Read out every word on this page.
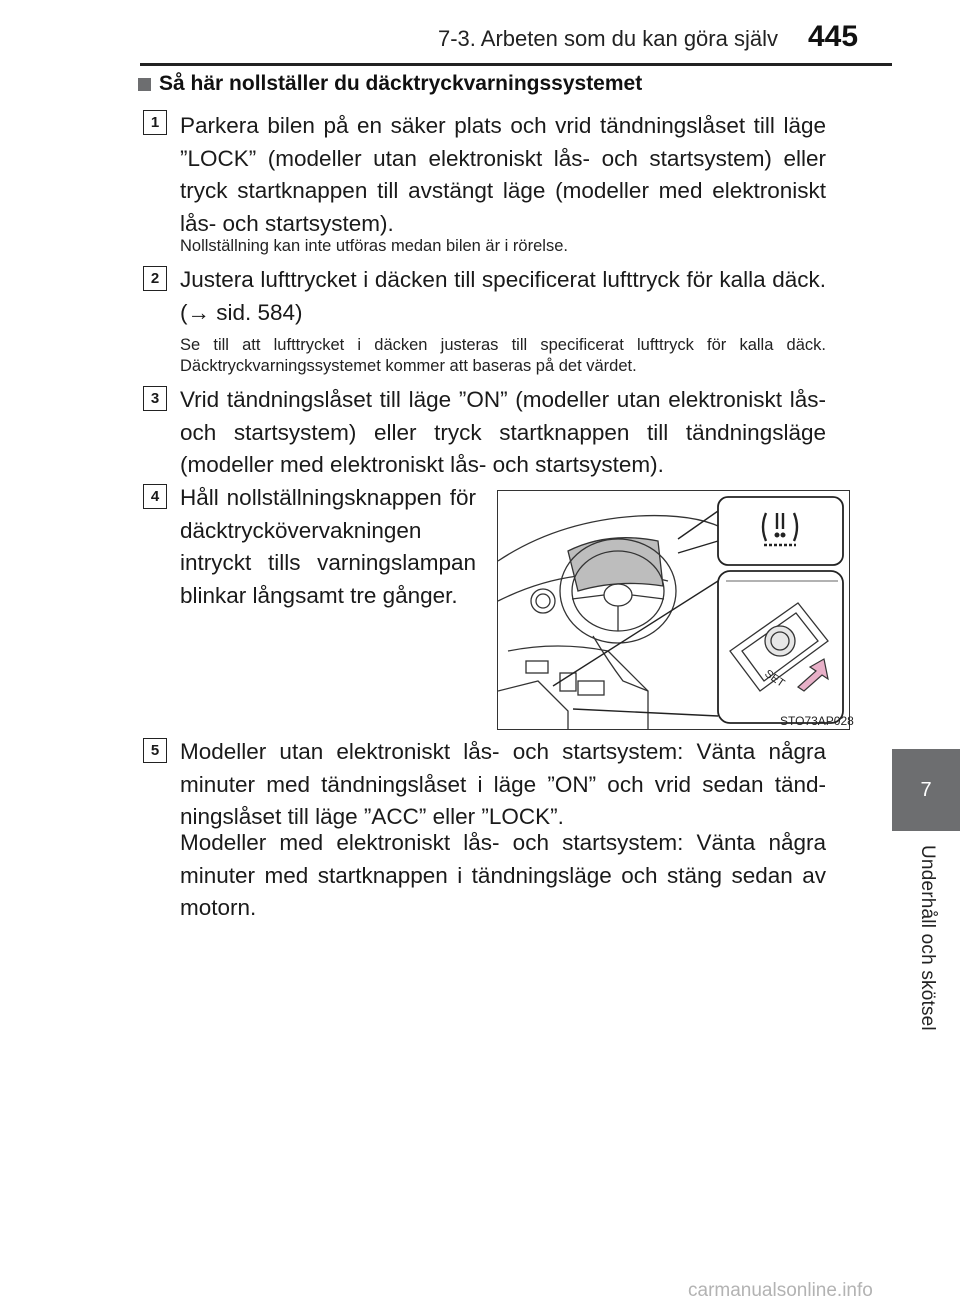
7-3. Arbeten som du kan göra själv 445
7
Underhåll och skötsel
Så här nollställer du däcktryckvarningssystemet
1 Parkera bilen på en säker plats och vrid tändningslåset till läge ”LOCK” (modeller utan elektroniskt lås- och startsystem) eller tryck startknappen till avstängt läge (modeller med elektroniskt lås- och startsystem).
Nollställning kan inte utföras medan bilen är i rörelse.
2 Justera lufttrycket i däcken till specificerat lufttryck för kalla däck. (→ sid. 584)
Se till att lufttrycket i däcken justeras till specificerat lufttryck för kalla däck. Däcktryckvarningssystemet kommer att baseras på det värdet.
3 Vrid tändningslåset till läge ”ON” (modeller utan elektroniskt lås- och startsystem) eller tryck startknappen till tändningsläge (modeller med elektroniskt lås- och startsystem).
4 Håll nollställningsknappen för däcktryckövervakningen intryckt tills varningslampan blinkar långsamt tre gånger.
SET
STO73AP028
5 Modeller utan elektroniskt lås- och startsystem: Vänta några minuter med tändningslåset i läge ”ON” och vrid sedan tänd-ningslåset till läge ”ACC” eller ”LOCK”.
Modeller med elektroniskt lås- och startsystem: Vänta några minuter med startknappen i tändningsläge och stäng sedan av motorn.
carmanualsonline.info
